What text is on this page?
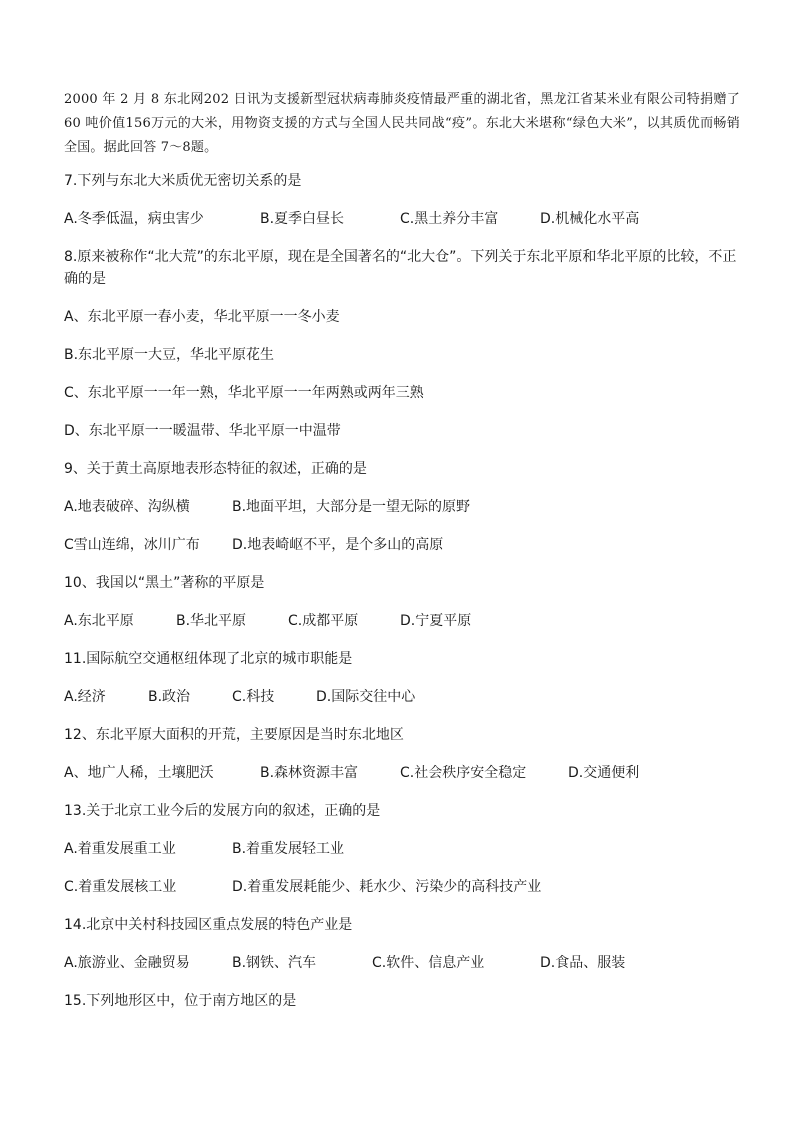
2000 年 2 月 8 东北网202 日讯为支援新型冠状病毒肺炎疫情最严重的湖北省，黑龙江省某米业有限公司特捐赠了 60 吨价值156万元的大米，用物资支援的方式与全国人民共同战“疫”。东北大米堪称“绿色大米”，以其质优而畅销全国。据此回答 7～8题。

7.下列与东北大米质优无密切关系的是

A.冬季低温，病虫害少	B.夏季白昼长	C.黑土养分丰富	D.机械化水平高

8.原来被称作“北大荒”的东北平原，现在是全国著名的“北大仓”。下列关于东北平原和华北平原的比较，不正确的是

A、东北平原一春小麦，华北平原一一冬小麦

B.东北平原一大豆，华北平原花生

C、东北平原一一年一熟，华北平原一一年两熟或两年三熟

D、东北平原一一暖温带、华北平原一中温带

9、关于黄土高原地表形态特征的叙述，正确的是

A.地表破碎、沟纵横	B.地面平坦，大部分是一望无际的原野

C雪山连绵，冰川广布 D.地表崎岖不平，是个多山的高原

10、我国以“黑土”著称的平原是

A.东北平原	B.华北平原	C.成都平原	D.宁夏平原

11.国际航空交通枢纽体现了北京的城市职能是

A.经济	B.政治	C.科技	D.国际交往中心

12、东北平原大面积的开荒，主要原因是当时东北地区

A、地广人稀，土壤肥沃	B.森林资源丰富	C.社会秩序安全稳定	D.交通便利

13.关于北京工业今后的发展方向的叙述，正确的是

A.着重发展重工业	B.着重发展轻工业

C.着重发展核工业	D.着重发展耗能少、耗水少、污染少的高科技产业

14.北京中关村科技园区重点发展的特色产业是

A.旅游业、金融贸易	B.钢铁、汽车	C.软件、信息产业	D.食品、服装

15.下列地形区中，位于南方地区的是
